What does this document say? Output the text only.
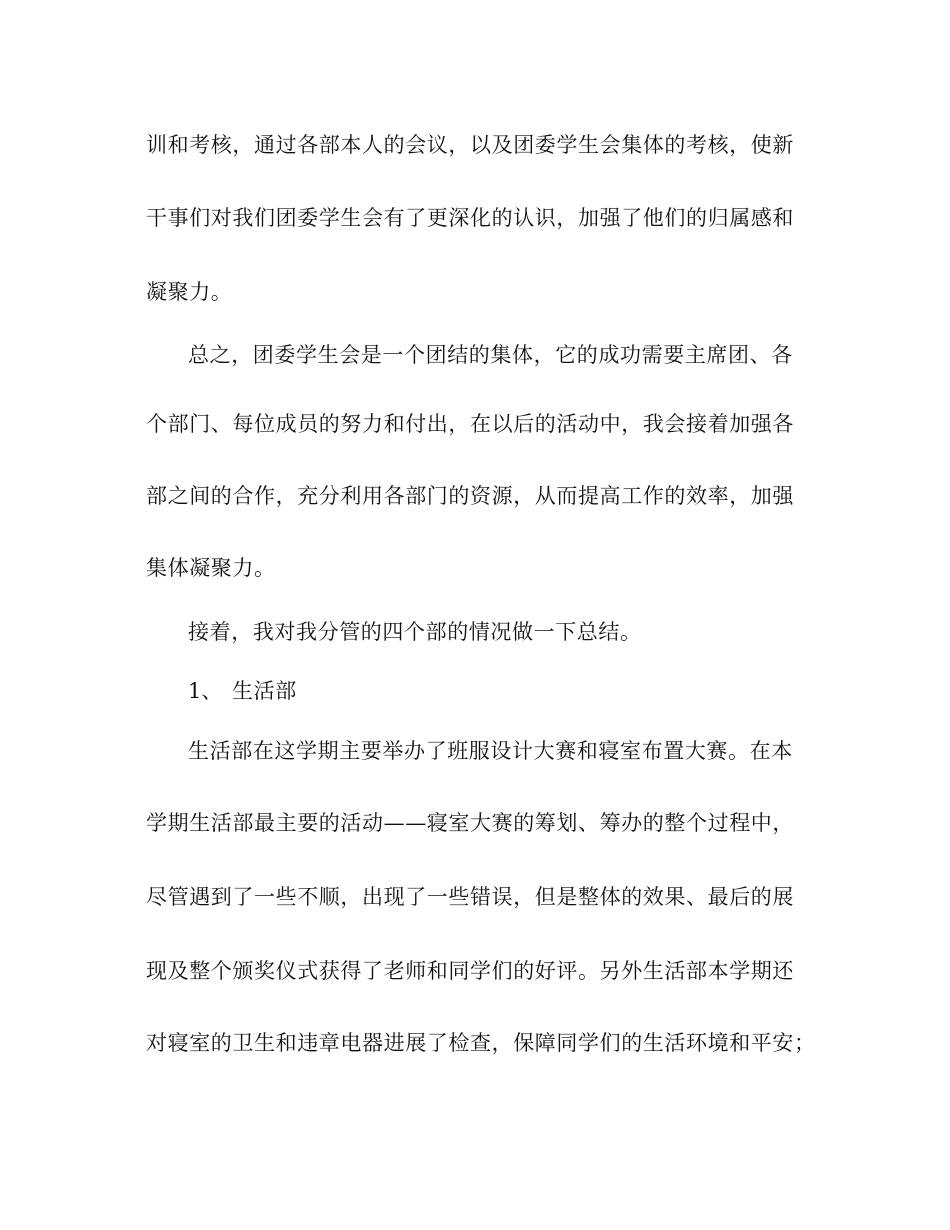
训和考核，通过各部本人的会议，以及团委学生会集体的考核，使新
干事们对我们团委学生会有了更深化的认识，加强了他们的归属感和
凝聚力。
总之，团委学生会是一个团结的集体，它的成功需要主席团、各
个部门、每位成员的努力和付出，在以后的活动中，我会接着加强各
部之间的合作，充分利用各部门的资源，从而提高工作的效率，加强
集体凝聚力。
接着，我对我分管的四个部的情况做一下总结。
1、 生活部
生活部在这学期主要举办了班服设计大赛和寝室布置大赛。在本
学期生活部最主要的活动——寝室大赛的筹划、筹办的整个过程中，
尽管遇到了一些不顺，出现了一些错误，但是整体的效果、最后的展
现及整个颁奖仪式获得了老师和同学们的好评。另外生活部本学期还
对寝室的卫生和违章电器进展了检查，保障同学们的生活环境和平安；
